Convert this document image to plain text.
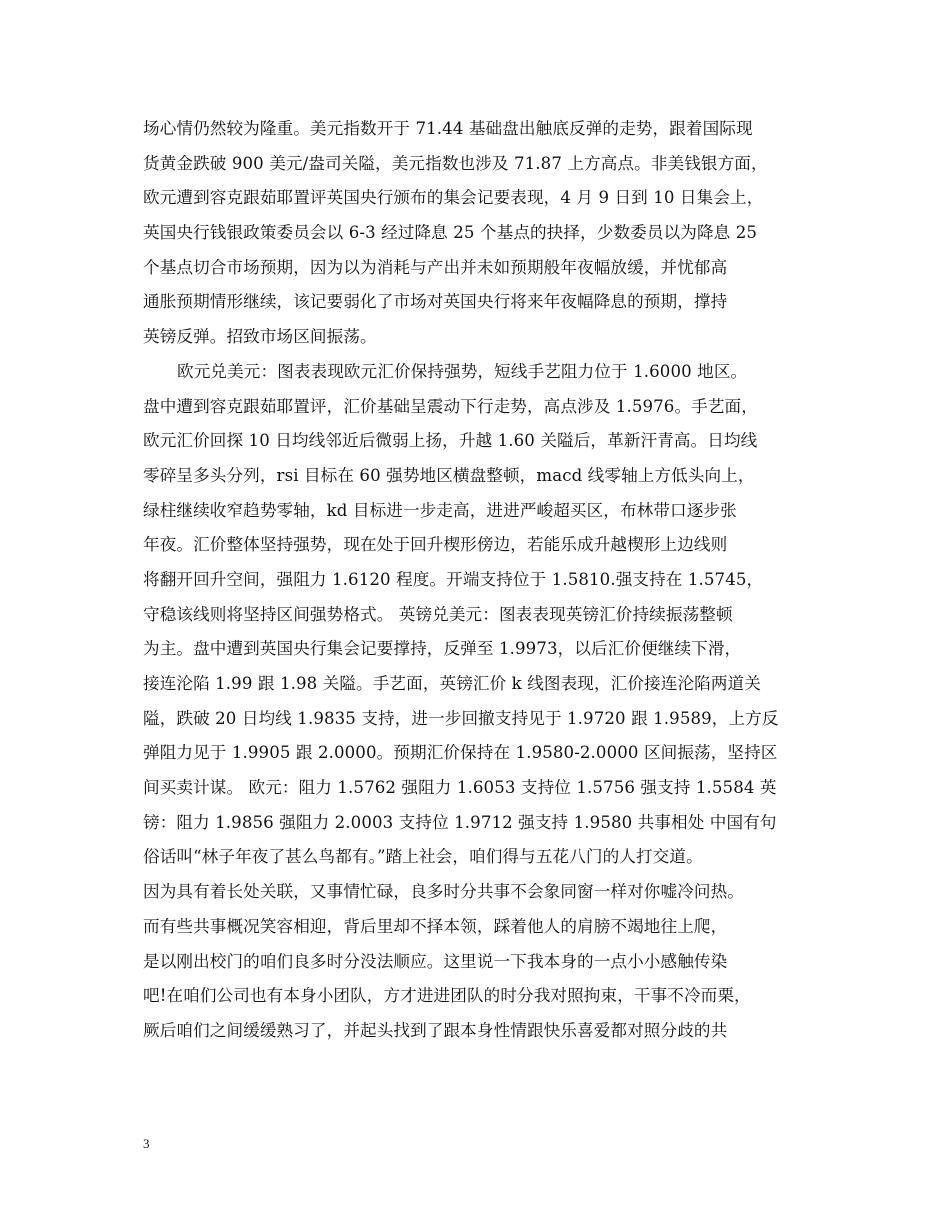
场心情仍然较为隆重。美元指数开于 71.44 基础盘出触底反弹的走势，跟着国际现
货黄金跌破 900 美元/盎司关隘，美元指数也涉及 71.87 上方高点。非美钱银方面，
欧元遭到容克跟茹耶置评英国央行颁布的集会记要表现，4 月 9 日到 10 日集会上，
英国央行钱银政策委员会以 6-3 经过降息 25 个基点的抉择，少数委员以为降息 25
个基点切合市场预期，因为以为消耗与产出并未如预期般年夜幅放缓，并忧郁高
通胀预期情形继续，该记要弱化了市场对英国央行将来年夜幅降息的预期，撑持
英镑反弹。招致市场区间振荡。
欧元兑美元：图表表现欧元汇价保持强势，短线手艺阻力位于 1.6000 地区。
盘中遭到容克跟茹耶置评，汇价基础呈震动下行走势，高点涉及 1.5976。手艺面，
欧元汇价回探 10 日均线邻近后微弱上扬，升越 1.60 关隘后，革新汗青高。日均线
零碎呈多头分列，rsi 目标在 60 强势地区横盘整顿，macd 线零轴上方低头向上，
绿柱继续收窄趋势零轴，kd 目标进一步走高，进进严峻超买区，布林带口逐步张
年夜。汇价整体坚持强势，现在处于回升楔形傍边，若能乐成升越楔形上边线则
将翻开回升空间，强阻力 1.6120 程度。开端支持位于 1.5810.强支持在 1.5745，
守稳该线则将坚持区间强势格式。 英镑兑美元：图表表现英镑汇价持续振荡整顿
为主。盘中遭到英国央行集会记要撑持，反弹至 1.9973，以后汇价便继续下滑，
接连沦陷 1.99 跟 1.98 关隘。手艺面，英镑汇价 k 线图表现，汇价接连沦陷两道关
隘，跌破 20 日均线 1.9835 支持，进一步回撤支持见于 1.9720 跟 1.9589，上方反
弹阻力见于 1.9905 跟 2.0000。预期汇价保持在 1.9580-2.0000 区间振荡，坚持区
间买卖计谋。 欧元：阻力 1.5762 强阻力 1.6053 支持位 1.5756 强支持 1.5584 英
镑：阻力 1.9856 强阻力 2.0003 支持位 1.9712 强支持 1.9580 共事相处 中国有句
俗话叫“林子年夜了甚么鸟都有。”踏上社会，咱们得与五花八门的人打交道。
因为具有着长处关联，又事情忙碌，良多时分共事不会象同窗一样对你嘘冷问热。
而有些共事概况笑容相迎，背后里却不择本领，踩着他人的肩膀不竭地往上爬，
是以刚出校门的咱们良多时分没法顺应。这里说一下我本身的一点小小感触传染
吧!在咱们公司也有本身小团队，方才进进团队的时分我对照拘束，干事不冷而栗，
厥后咱们之间缓缓熟习了，并起头找到了跟本身性情跟快乐喜爱都对照分歧的共
3
